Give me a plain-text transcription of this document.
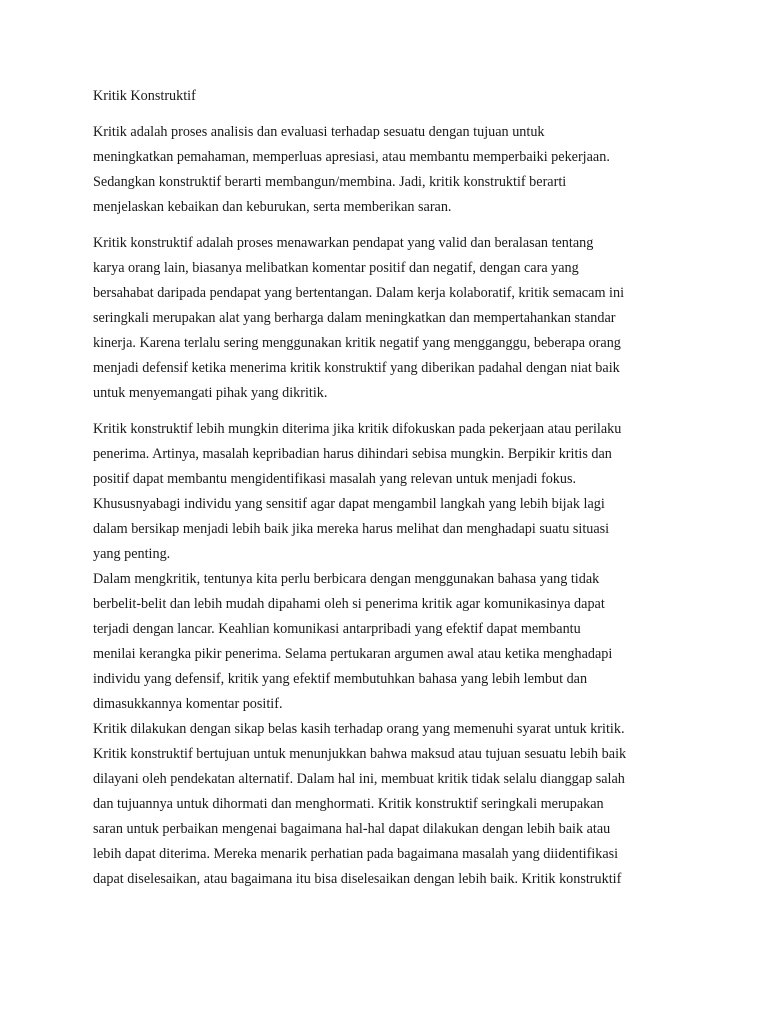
Kritik Konstruktif
Kritik adalah proses analisis dan evaluasi terhadap sesuatu dengan tujuan untuk
meningkatkan pemahaman, memperluas apresiasi, atau membantu memperbaiki pekerjaan.
Sedangkan konstruktif berarti membangun/membina. Jadi, kritik konstruktif berarti
menjelaskan kebaikan dan keburukan, serta memberikan saran.
Kritik konstruktif adalah proses menawarkan pendapat yang valid dan beralasan tentang
karya orang lain, biasanya melibatkan komentar positif dan negatif, dengan cara yang
bersahabat daripada pendapat yang bertentangan. Dalam kerja kolaboratif, kritik semacam ini
seringkali merupakan alat yang berharga dalam meningkatkan dan mempertahankan standar
kinerja. Karena terlalu sering menggunakan kritik negatif yang mengganggu, beberapa orang
menjadi defensif ketika menerima kritik konstruktif yang diberikan padahal dengan niat baik
untuk menyemangati pihak yang dikritik.
Kritik konstruktif lebih mungkin diterima jika kritik difokuskan pada pekerjaan atau perilaku
penerima. Artinya, masalah kepribadian harus dihindari sebisa mungkin. Berpikir kritis dan
positif dapat membantu mengidentifikasi masalah yang relevan untuk menjadi fokus.
Khususnyabagi individu yang sensitif agar dapat mengambil langkah yang lebih bijak lagi
dalam bersikap menjadi lebih baik jika mereka harus melihat dan menghadapi suatu situasi
yang penting.
Dalam mengkritik, tentunya kita perlu berbicara dengan menggunakan bahasa yang tidak
berbelit-belit dan lebih mudah dipahami oleh si penerima kritik agar komunikasinya dapat
terjadi dengan lancar. Keahlian komunikasi antarpribadi yang efektif dapat membantu
menilai kerangka pikir penerima. Selama pertukaran argumen awal atau ketika menghadapi
individu yang defensif, kritik yang efektif membutuhkan bahasa yang lebih lembut dan
dimasukkannya komentar positif.
Kritik dilakukan dengan sikap belas kasih terhadap orang yang memenuhi syarat untuk kritik.
Kritik konstruktif bertujuan untuk menunjukkan bahwa maksud atau tujuan sesuatu lebih baik
dilayani oleh pendekatan alternatif. Dalam hal ini, membuat kritik tidak selalu dianggap salah
dan tujuannya untuk dihormati dan menghormati. Kritik konstruktif seringkali merupakan
saran untuk perbaikan mengenai bagaimana hal-hal dapat dilakukan dengan lebih baik atau
lebih dapat diterima. Mereka menarik perhatian pada bagaimana masalah yang diidentifikasi
dapat diselesaikan, atau bagaimana itu bisa diselesaikan dengan lebih baik. Kritik konstruktif
